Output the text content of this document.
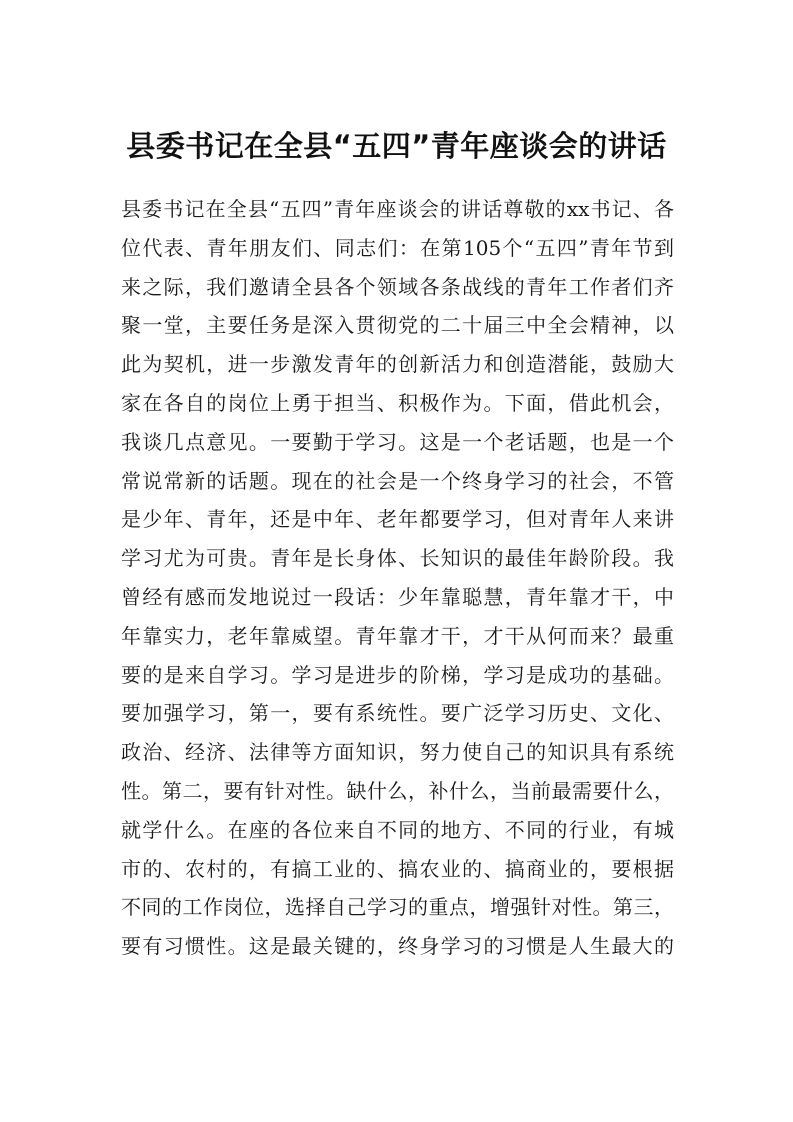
县委书记在全县“五四”青年座谈会的讲话
县委书记在全县“五四”青年座谈会的讲话尊敬的xx书记、各
位代表、青年朋友们、同志们：在第105个“五四”青年节到
来之际，我们邀请全县各个领域各条战线的青年工作者们齐
聚一堂，主要任务是深入贯彻党的二十届三中全会精神，以
此为契机，进一步激发青年的创新活力和创造潜能，鼓励大
家在各自的岗位上勇于担当、积极作为。下面，借此机会，
我谈几点意见。一要勤于学习。这是一个老话题，也是一个
常说常新的话题。现在的社会是一个终身学习的社会，不管
是少年、青年，还是中年、老年都要学习，但对青年人来讲
学习尤为可贵。青年是长身体、长知识的最佳年龄阶段。我
曾经有感而发地说过一段话：少年靠聪慧，青年靠才干，中
年靠实力，老年靠威望。青年靠才干，才干从何而来？最重
要的是来自学习。学习是进步的阶梯，学习是成功的基础。
要加强学习，第一，要有系统性。要广泛学习历史、文化、
政治、经济、法律等方面知识，努力使自己的知识具有系统
性。第二，要有针对性。缺什么，补什么，当前最需要什么，
就学什么。在座的各位来自不同的地方、不同的行业，有城
市的、农村的，有搞工业的、搞农业的、搞商业的，要根据
不同的工作岗位，选择自己学习的重点，增强针对性。第三，
要有习惯性。这是最关键的，终身学习的习惯是人生最大的
